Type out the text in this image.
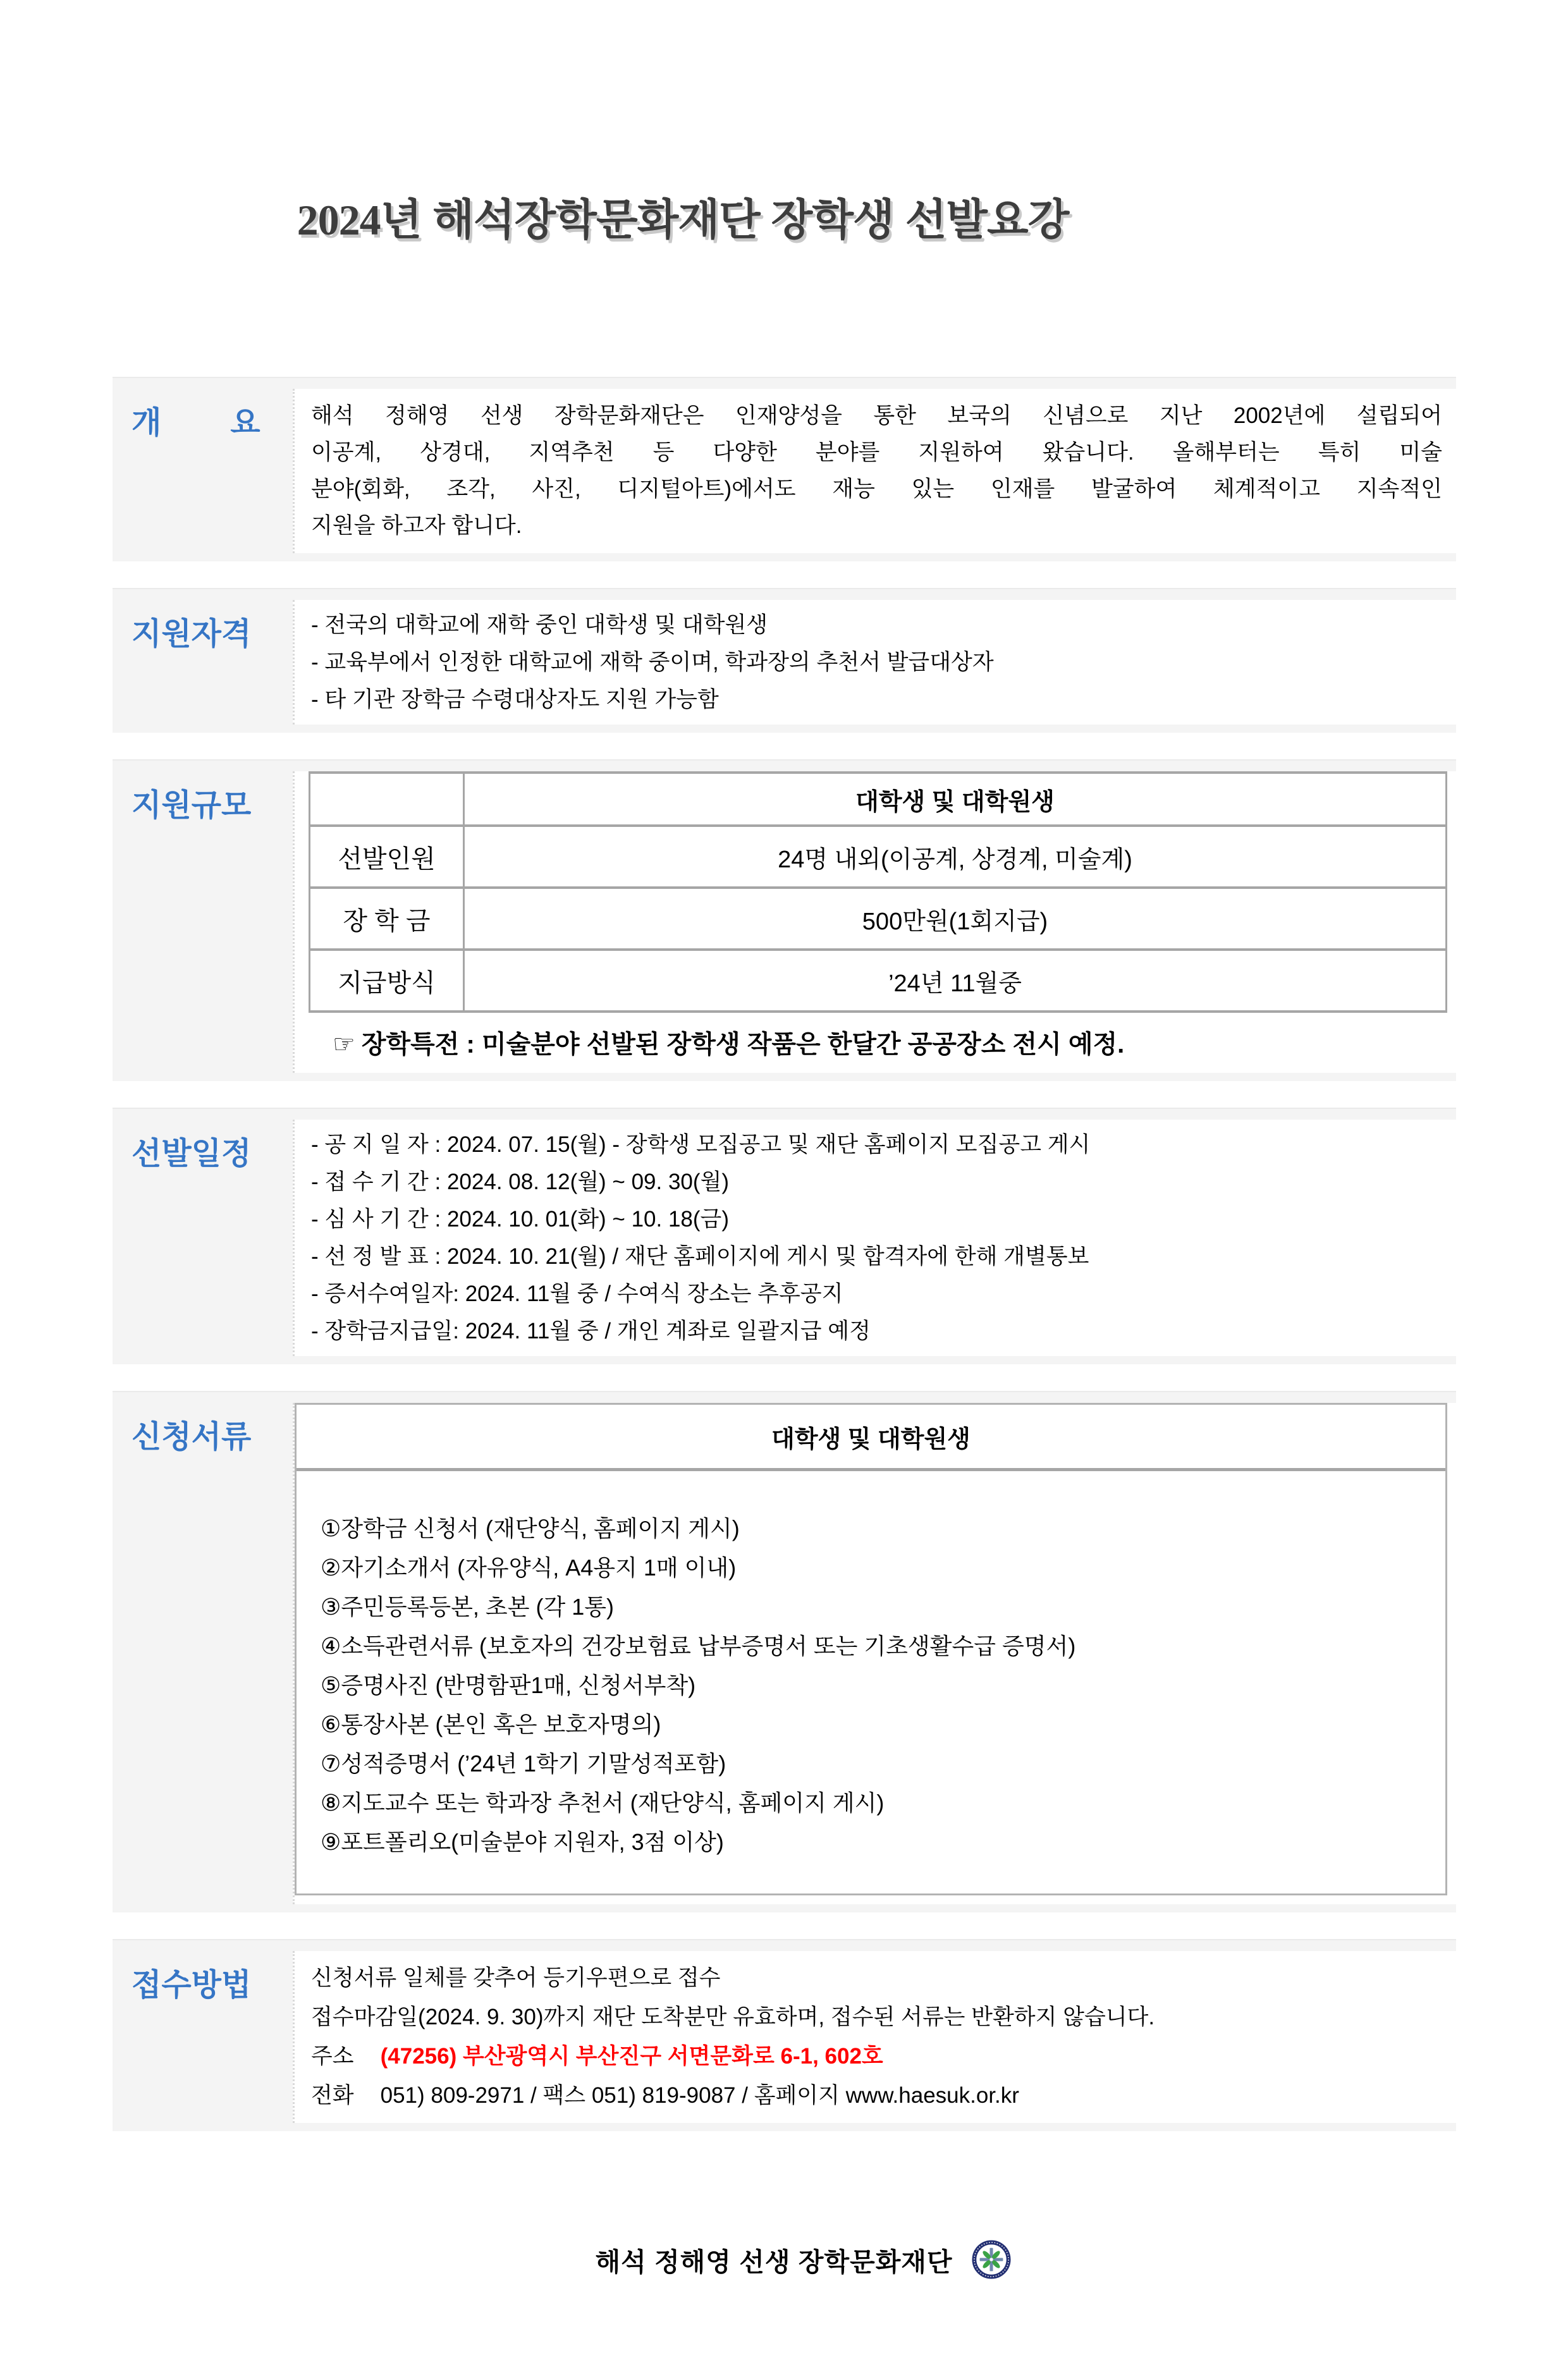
2024년 해석장학문화재단 장학생 선발요강
개        요	해석 정해영 선생 장학문화재단은 인재양성을 통한 보국의 신념으로 지난 2002년에 설립되어
이공계, 상경대, 지역추천 등 다양한 분야를 지원하여 왔습니다. 올해부터는 특히 미술
분야(회화, 조각, 사진, 디지털아트)에서도 재능 있는 인재를 발굴하여 체계적이고 지속적인
지원을 하고자 합니다.
지원자격	- 전국의 대학교에 재학 중인 대학생 및 대학원생
- 교육부에서 인정한 대학교에 재학 중이며, 학과장의 추천서 발급대상자
- 타 기관 장학금 수령대상자도 지원 가능함
지원규모
		대학생 및 대학원생
선발인원	24명 내외(이공계, 상경계, 미술계)
장 학 금	500만원(1회지급)
지급방식	’24년 11월중
☞ 장학특전 : 미술분야 선발된 장학생 작품은 한달간 공공장소 전시 예정.
선발일정	- 공 지 일 자 : 2024. 07. 15(월) - 장학생 모집공고 및 재단 홈페이지 모집공고 게시
- 접 수 기 간 : 2024. 08. 12(월) ~ 09. 30(월)
- 심 사 기 간 : 2024. 10. 01(화) ~ 10. 18(금)
- 선 정 발 표 : 2024. 10. 21(월) / 재단 홈페이지에 게시 및 합격자에 한해 개별통보
- 증서수여일자: 2024. 11월 중 / 수여식 장소는 추후공지
- 장학금지급일: 2024. 11월 중 / 개인 계좌로 일괄지급 예정
신청서류	대학생 및 대학원생
①장학금 신청서 (재단양식, 홈페이지 게시)
②자기소개서 (자유양식, A4용지 1매 이내)
③주민등록등본, 초본 (각 1통)
④소득관련서류 (보호자의 건강보험료 납부증명서 또는 기초생활수급 증명서)
⑤증명사진 (반명함판1매, 신청서부착)
⑥통장사본 (본인 혹은 보호자명의)
⑦성적증명서 (’24년 1학기 기말성적포함)
⑧지도교수 또는 학과장 추천서 (재단양식, 홈페이지 게시)
⑨포트폴리오(미술분야 지원자, 3점 이상)
접수방법	신청서류 일체를 갖추어 등기우편으로 접수
접수마감일(2024. 9. 30)까지 재단 도착분만 유효하며, 접수된 서류는 반환하지 않습니다.
주소 (47256) 부산광역시 부산진구 서면문화로 6-1, 602호
전화 051) 809-2971 / 팩스 051) 819-9087 / 홈페이지 www.haesuk.or.kr
해석 정해영 선생 장학문화재단
